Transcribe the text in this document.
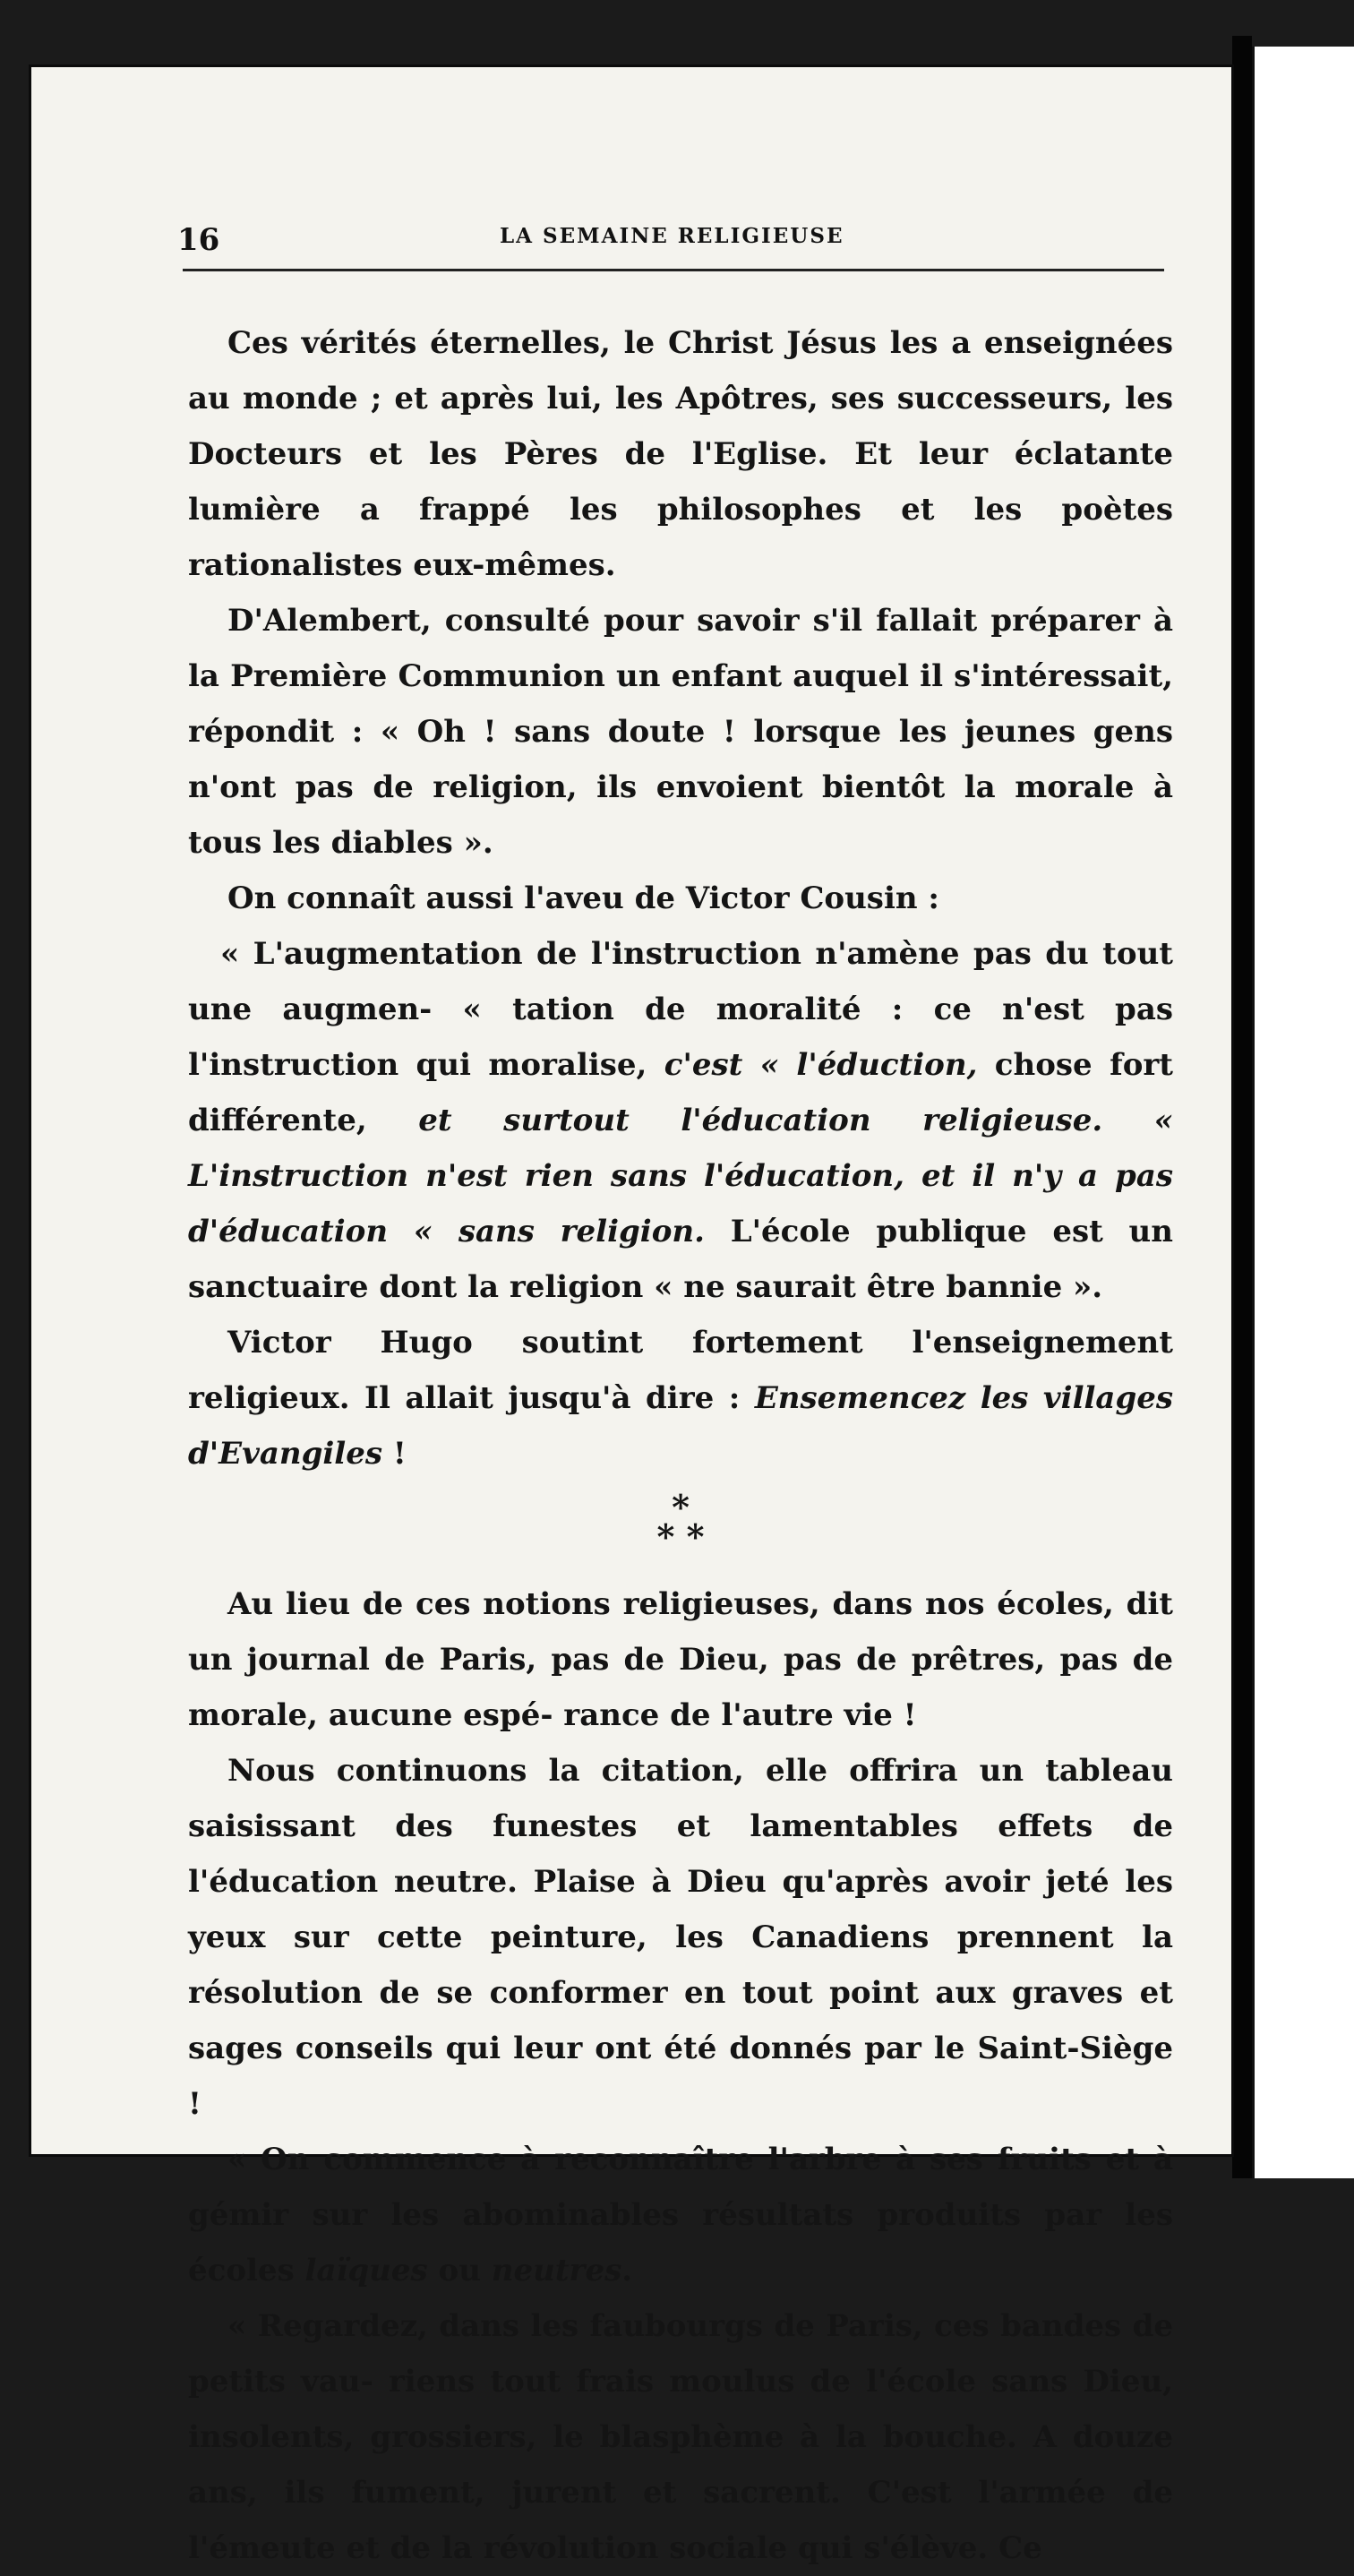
16	LA SEMAINE RELIGIEUSE

Ces vérités éternelles, le Christ Jésus les a enseignées au monde ; et après lui, les Apôtres, ses successeurs, les Docteurs et les Pères de l'Eglise. Et leur éclatante lumière a frappé les philosophes et les poètes rationalistes eux-mêmes.

D'Alembert, consulté pour savoir s'il fallait préparer à la Première Communion un enfant auquel il s'intéressait, répondit : « Oh ! sans doute ! lorsque les jeunes gens n'ont pas de religion, ils envoient bientôt la morale à tous les diables ».

On connaît aussi l'aveu de Victor Cousin :

« L'augmentation de l'instruction n'amène pas du tout une augmen- « tation de moralité : ce n'est pas l'instruction qui moralise, c'est « l'éduction, chose fort différente, et surtout l'éducation religieuse. « L'instruction n'est rien sans l'éducation, et il n'y a pas d'éducation « sans religion. L'école publique est un sanctuaire dont la religion « ne saurait être bannie ».

Victor Hugo soutint fortement l'enseignement religieux. Il allait jusqu'à dire : Ensemencez les villages d'Evangiles !

*
* *

Au lieu de ces notions religieuses, dans nos écoles, dit un journal de Paris, pas de Dieu, pas de prêtres, pas de morale, aucune espé- rance de l'autre vie !

Nous continuons la citation, elle offrira un tableau saisissant des funestes et lamentables effets de l'éducation neutre. Plaise à Dieu qu'après avoir jeté les yeux sur cette peinture, les Canadiens prennent la résolution de se conformer en tout point aux graves et sages conseils qui leur ont été donnés par le Saint-Siège !

« On commence à reconnaître l'arbre à ses fruits et à gémir sur les abominables résultats produits par les écoles laïques ou neutres.

« Regardez, dans les faubourgs de Paris, ces bandes de petits vau- riens tout frais moulus de l'école sans Dieu, insolents, grossiers, le blasphème à la bouche. A douze ans, ils fument, jurent et sacrent. C'est l'armée de l'émeute et de la révolution sociale qui s'élève. Ce
